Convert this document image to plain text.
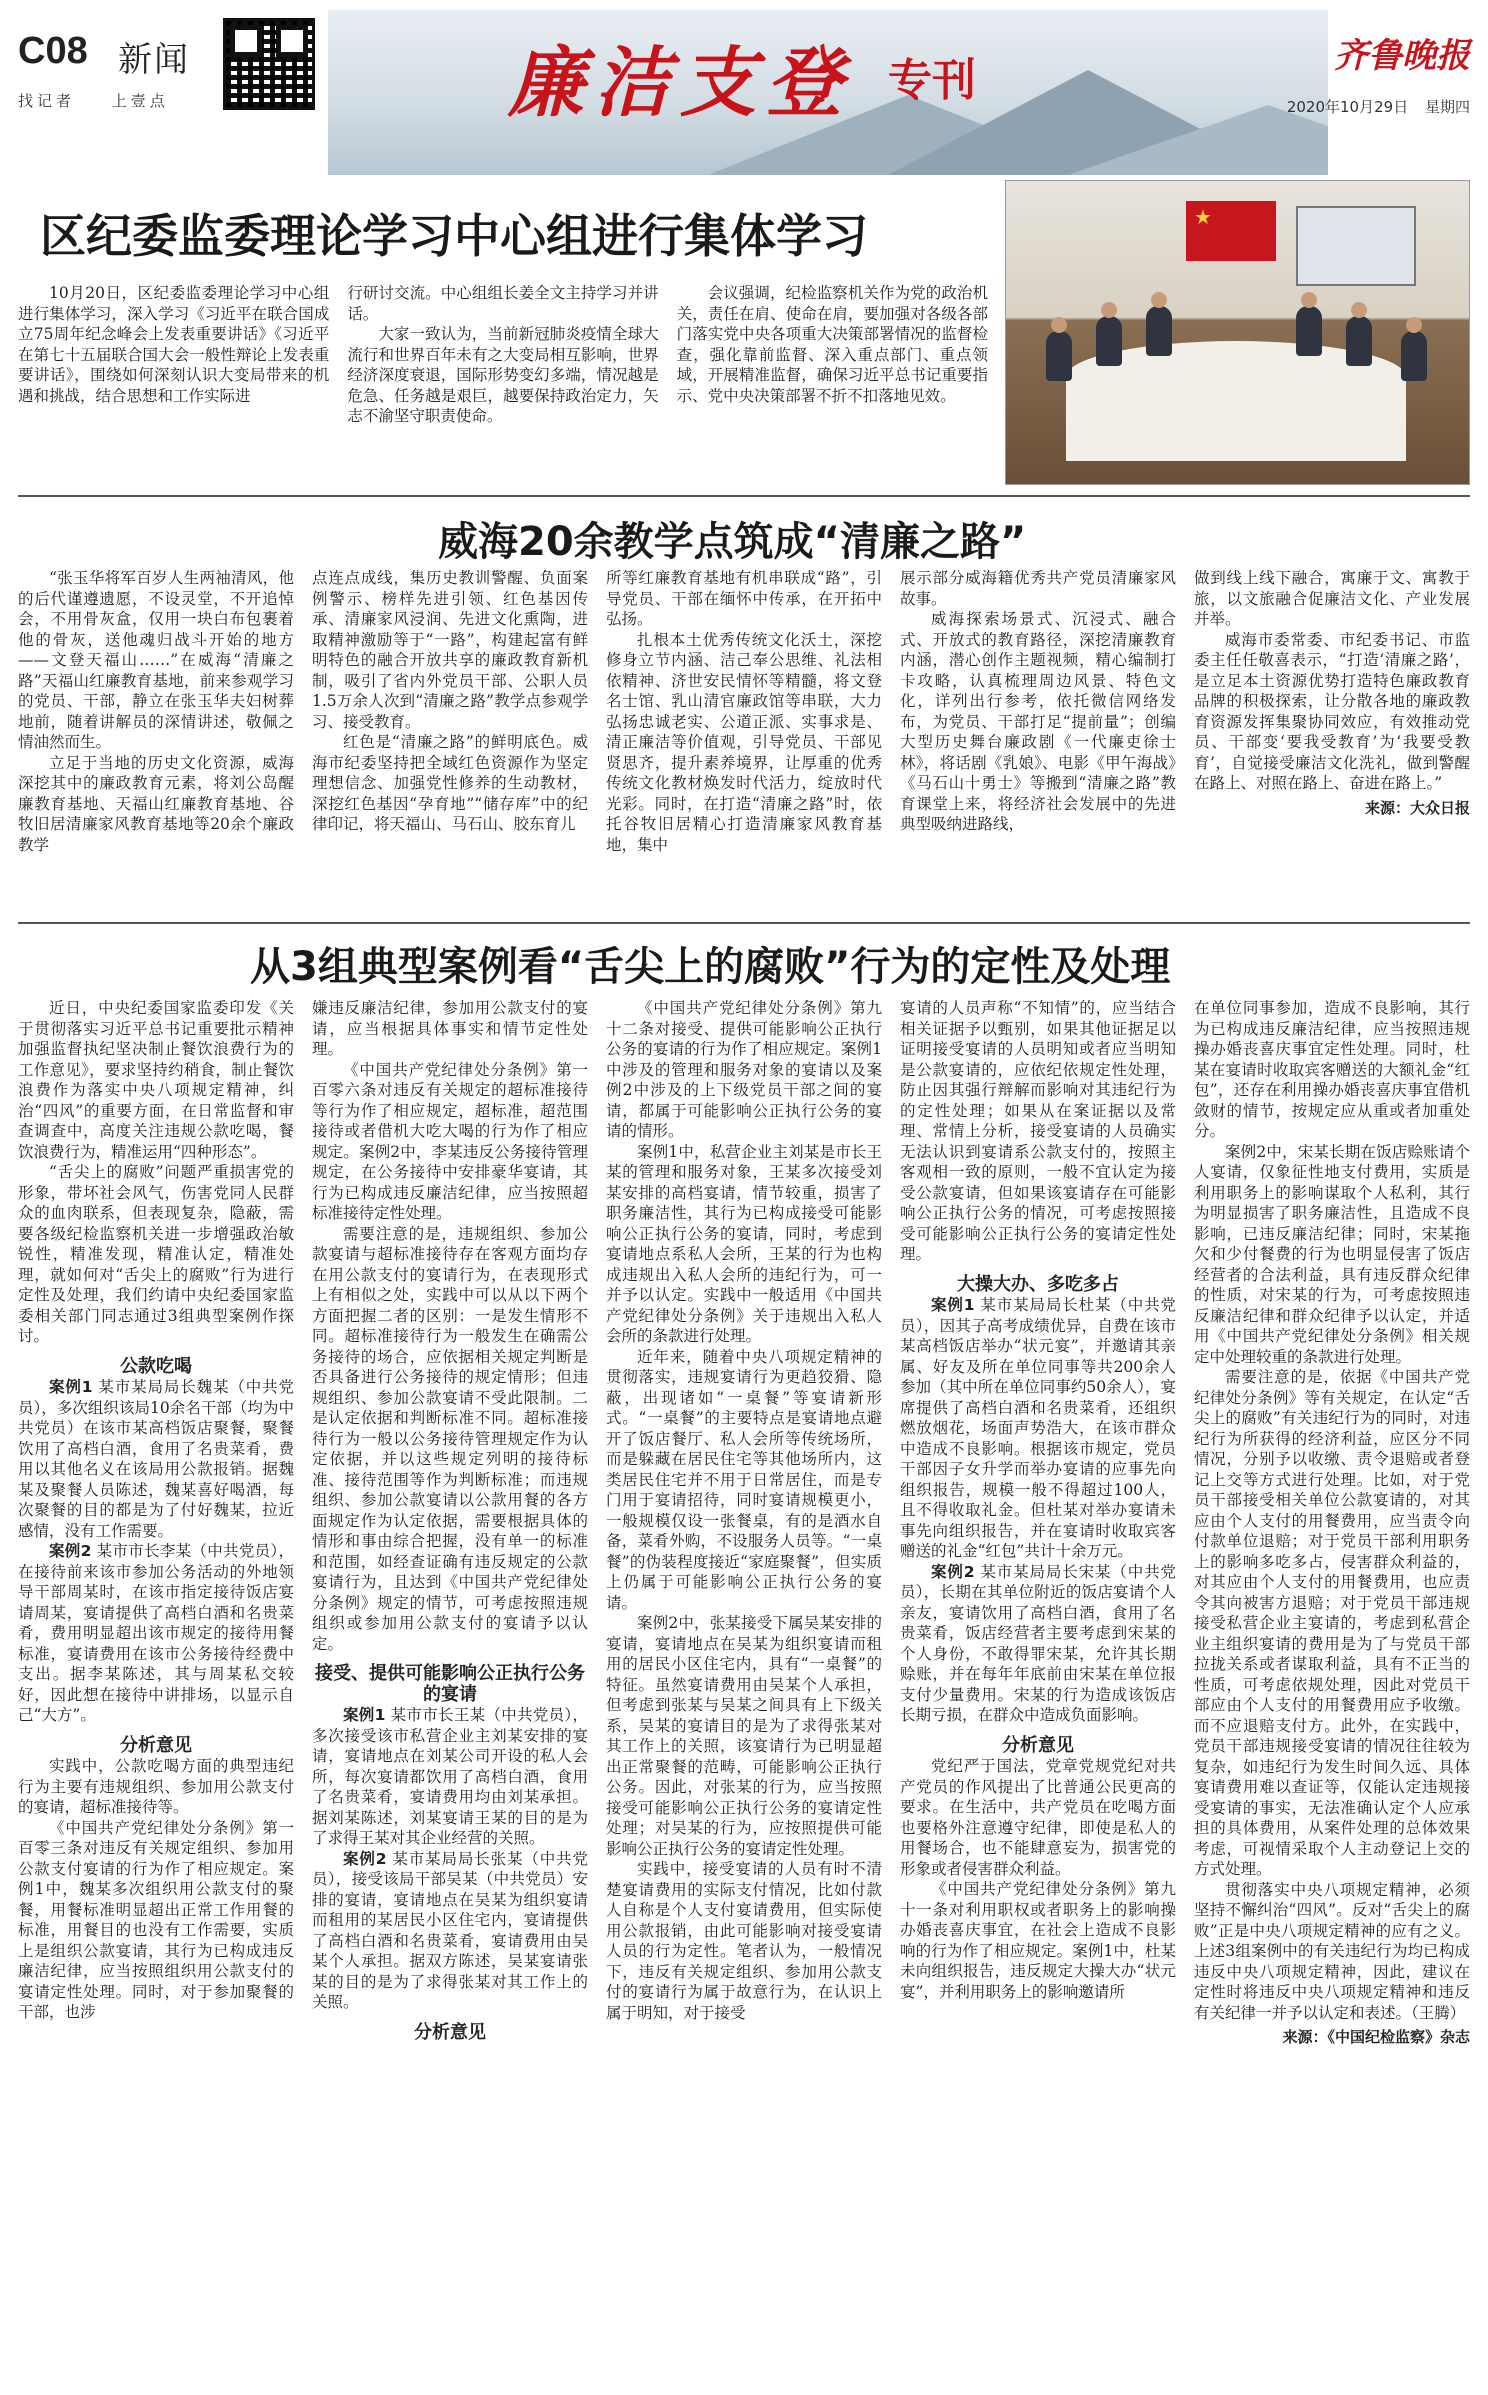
C08 新闻
找记者 上壹点	廉洁支登 专刊	齐鲁晚报
2020年10月29日 星期四
区纪委监委理论学习中心组进行集体学习

10月20日，区纪委监委理论学习中心组进行集体学习，深入学习《习近平在联合国成立75周年纪念峰会上发表重要讲话》《习近平在第七十五届联合国大会一般性辩论上发表重要讲话》，围绕如何深刻认识大变局带来的机遇和挑战，结合思想和工作实际进

行研讨交流。中心组组长姜全文主持学习并讲话。

大家一致认为，当前新冠肺炎疫情全球大流行和世界百年未有之大变局相互影响，世界经济深度衰退，国际形势变幻多端，情况越是危急、任务越是艰巨，越要保持政治定力，矢志不渝坚守职责使命。

会议强调，纪检监察机关作为党的政治机关，责任在肩、使命在肩，要加强对各级各部门落实党中央各项重大决策部署情况的监督检查，强化靠前监督、深入重点部门、重点领域，开展精准监督，确保习近平总书记重要指示、党中央决策部署不折不扣落地见效。

★
威海20余教学点筑成“清廉之路”

“张玉华将军百岁人生两袖清风，他的后代谨遵遗愿，不设灵堂，不开追悼会，不用骨灰盒，仅用一块白布包裹着他的骨灰，送他魂归战斗开始的地方——文登天福山……”在威海“清廉之路”天福山红廉教育基地，前来参观学习的党员、干部，静立在张玉华夫妇树葬地前，随着讲解员的深情讲述，敬佩之情油然而生。

立足于当地的历史文化资源，威海深挖其中的廉政教育元素，将刘公岛醒廉教育基地、天福山红廉教育基地、谷牧旧居清廉家风教育基地等20余个廉政教学

点连点成线，集历史教训警醒、负面案例警示、榜样先进引领、红色基因传承、清廉家风浸润、先进文化熏陶，进取精神激励等于“一路”，构建起富有鲜明特色的融合开放共享的廉政教育新机制，吸引了省内外党员干部、公职人员1.5万余人次到“清廉之路”教学点参观学习、接受教育。

红色是“清廉之路”的鲜明底色。威海市纪委坚持把全域红色资源作为坚定理想信念、加强党性修养的生动教材，深挖红色基因“孕育地”“储存库”中的纪律印记，将天福山、马石山、胶东育儿

所等红廉教育基地有机串联成“路”，引导党员、干部在缅怀中传承，在开拓中弘扬。

扎根本土优秀传统文化沃土，深挖修身立节内涵、洁己奉公思维、礼法相依精神、济世安民情怀等精髓，将文登名士馆、乳山清官廉政馆等串联，大力弘扬忠诚老实、公道正派、实事求是、清正廉洁等价值观，引导党员、干部见贤思齐，提升素养境界，让厚重的优秀传统文化教材焕发时代活力，绽放时代光彩。同时，在打造“清廉之路”时，依托谷牧旧居精心打造清廉家风教育基地，集中

展示部分威海籍优秀共产党员清廉家风故事。

威海探索场景式、沉浸式、融合式、开放式的教育路径，深挖清廉教育内涵，潜心创作主题视频，精心编制打卡攻略，认真梳理周边风景、特色文化，详列出行参考，依托微信网络发布，为党员、干部打足“提前量”；创编大型历史舞台廉政剧《一代廉吏徐士林》，将话剧《乳娘》、电影《甲午海战》《马石山十勇士》等搬到“清廉之路”教育课堂上来，将经济社会发展中的先进典型吸纳进路线，

做到线上线下融合，寓廉于文、寓教于旅，以文旅融合促廉洁文化、产业发展并举。

威海市委常委、市纪委书记、市监委主任任敬喜表示，“打造‘清廉之路’，是立足本土资源优势打造特色廉政教育品牌的积极探索，让分散各地的廉政教育资源发挥集聚协同效应，有效推动党员、干部变‘要我受教育’为‘我要受教育’，自觉接受廉洁文化洗礼，做到警醒在路上、对照在路上、奋进在路上。”

来源：大众日报
从3组典型案例看“舌尖上的腐败”行为的定性及处理

近日，中央纪委国家监委印发《关于贯彻落实习近平总书记重要批示精神 加强监督执纪坚决制止餐饮浪费行为的工作意见》，要求坚持约稍食，制止餐饮浪费作为落实中央八项规定精神，纠治“四风”的重要方面，在日常监督和审查调查中，高度关注违规公款吃喝，餐饮浪费行为，精准运用“四种形态”。

“舌尖上的腐败”问题严重损害党的形象，带坏社会风气，伤害党同人民群众的血肉联系，但表现复杂，隐蔽，需要各级纪检监察机关进一步增强政治敏锐性，精准发现，精准认定，精准处理，就如何对“舌尖上的腐败”行为进行定性及处理，我们约请中央纪委国家监委相关部门同志通过3组典型案例作探讨。

公款吃喝

案例1 某市某局局长魏某（中共党员），多次组织该局10余名干部（均为中共党员）在该市某高档饭店聚餐，聚餐饮用了高档白酒，食用了名贵菜肴，费用以其他名义在该局用公款报销。据魏某及聚餐人员陈述，魏某喜好喝酒，每次聚餐的目的都是为了付好魏某，拉近感情，没有工作需要。

案例2 某市市长李某（中共党员），在接待前来该市参加公务活动的外地领导干部周某时，在该市指定接待饭店宴请周某，宴请提供了高档白酒和名贵菜肴，费用明显超出该市规定的接待用餐标准，宴请费用在该市公务接待经费中支出。据李某陈述，其与周某私交较好，因此想在接待中讲排场，以显示自己“大方”。

分析意见

实践中，公款吃喝方面的典型违纪行为主要有违规组织、参加用公款支付的宴请，超标准接待等。

《中国共产党纪律处分条例》第一百零三条对违反有关规定组织、参加用公款支付宴请的行为作了相应规定。案例1中，魏某多次组织用公款支付的聚餐，用餐标准明显超出正常工作用餐的标准，用餐目的也没有工作需要，实质上是组织公款宴请，其行为已构成违反廉洁纪律，应当按照组织用公款支付的宴请定性处理。同时，对于参加聚餐的干部，也涉

嫌违反廉洁纪律，参加用公款支付的宴请，应当根据具体事实和情节定性处理。

《中国共产党纪律处分条例》第一百零六条对违反有关规定的超标准接待等行为作了相应规定，超标准，超范围接待或者借机大吃大喝的行为作了相应规定。案例2中，李某违反公务接待管理规定，在公务接待中安排豪华宴请，其行为已构成违反廉洁纪律，应当按照超标准接待定性处理。

需要注意的是，违规组织、参加公款宴请与超标准接待存在客观方面均存在用公款支付的宴请行为，在表现形式上有相似之处，实践中可以从以下两个方面把握二者的区别：一是发生情形不同。超标准接待行为一般发生在确需公务接待的场合，应依据相关规定判断是否具备进行公务接待的规定情形；但违规组织、参加公款宴请不受此限制。二是认定依据和判断标准不同。超标准接待行为一般以公务接待管理规定作为认定依据，并以这些规定列明的接待标准、接待范围等作为判断标准；而违规组织、参加公款宴请以公款用餐的各方面规定作为认定依据，需要根据具体的情形和事由综合把握，没有单一的标准和范围，如经查证确有违反规定的公款宴请行为，且达到《中国共产党纪律处分条例》规定的情节，可考虑按照违规组织或参加用公款支付的宴请予以认定。

接受、提供可能影响公正执行公务的宴请

案例1 某市市长王某（中共党员），多次接受该市私营企业主刘某安排的宴请，宴请地点在刘某公司开设的私人会所，每次宴请都饮用了高档白酒，食用了名贵菜肴，宴请费用均由刘某承担。据刘某陈述，刘某宴请王某的目的是为了求得王某对其企业经营的关照。

案例2 某市某局局长张某（中共党员），接受该局干部吴某（中共党员）安排的宴请，宴请地点在吴某为组织宴请而租用的某居民小区住宅内，宴请提供了高档白酒和名贵菜肴，宴请费用由吴某个人承担。据双方陈述，吴某宴请张某的目的是为了求得张某对其工作上的关照。

分析意见

《中国共产党纪律处分条例》第九十二条对接受、提供可能影响公正执行公务的宴请的行为作了相应规定。案例1中涉及的管理和服务对象的宴请以及案例2中涉及的上下级党员干部之间的宴请，都属于可能影响公正执行公务的宴请的情形。

案例1中，私营企业主刘某是市长王某的管理和服务对象，王某多次接受刘某安排的高档宴请，情节较重，损害了职务廉洁性，其行为已构成接受可能影响公正执行公务的宴请，同时，考虑到宴请地点系私人会所，王某的行为也构成违规出入私人会所的违纪行为，可一并予以认定。实践中一般适用《中国共产党纪律处分条例》关于违规出入私人会所的条款进行处理。

近年来，随着中央八项规定精神的贯彻落实，违规宴请行为更趋狡猾、隐蔽，出现诸如“一桌餐”等宴请新形式。“一桌餐”的主要特点是宴请地点避开了饭店餐厅、私人会所等传统场所，而是躲藏在居民住宅等其他场所内，这类居民住宅并不用于日常居住，而是专门用于宴请招待，同时宴请规模更小，一般规模仅设一张餐桌，有的是酒水自备，菜肴外购，不设服务人员等。“一桌餐”的伪装程度接近“家庭聚餐”，但实质上仍属于可能影响公正执行公务的宴请。

案例2中，张某接受下属吴某安排的宴请，宴请地点在吴某为组织宴请而租用的居民小区住宅内，具有“一桌餐”的特征。虽然宴请费用由吴某个人承担，但考虑到张某与吴某之间具有上下级关系，吴某的宴请目的是为了求得张某对其工作上的关照，该宴请行为已明显超出正常聚餐的范畴，可能影响公正执行公务。因此，对张某的行为，应当按照接受可能影响公正执行公务的宴请定性处理；对吴某的行为，应按照提供可能影响公正执行公务的宴请定性处理。

实践中，接受宴请的人员有时不清楚宴请费用的实际支付情况，比如付款人自称是个人支付宴请费用，但实际使用公款报销，由此可能影响对接受宴请人员的行为定性。笔者认为，一般情况下，违反有关规定组织、参加用公款支付的宴请行为属于故意行为，在认识上属于明知，对于接受

宴请的人员声称“不知情”的，应当结合相关证据予以甄别，如果其他证据足以证明接受宴请的人员明知或者应当明知是公款宴请的，应依纪依规定性处理，防止因其强行辩解而影响对其违纪行为的定性处理；如果从在案证据以及常理、常情上分析，接受宴请的人员确实无法认识到宴请系公款支付的，按照主客观相一致的原则，一般不宜认定为接受公款宴请，但如果该宴请存在可能影响公正执行公务的情况，可考虑按照接受可能影响公正执行公务的宴请定性处理。

大操大办、多吃多占

案例1 某市某局局长杜某（中共党员），因其子高考成绩优异，自费在该市某高档饭店举办“状元宴”，并邀请其亲属、好友及所在单位同事等共200余人参加（其中所在单位同事约50余人），宴席提供了高档白酒和名贵菜肴，还组织燃放烟花，场面声势浩大，在该市群众中造成不良影响。根据该市规定，党员干部因子女升学而举办宴请的应事先向组织报告，规模一般不得超过100人，且不得收取礼金。但杜某对举办宴请未事先向组织报告，并在宴请时收取宾客赠送的礼金“红包”共计十余万元。

案例2 某市某局局长宋某（中共党员），长期在其单位附近的饭店宴请个人亲友，宴请饮用了高档白酒，食用了名贵菜肴，饭店经营者主要考虑到宋某的个人身份，不敢得罪宋某，允许其长期赊账，并在每年年底前由宋某在单位报支付少量费用。宋某的行为造成该饭店长期亏损，在群众中造成负面影响。

分析意见

党纪严于国法，党章党规党纪对共产党员的作风提出了比普通公民更高的要求。在生活中，共产党员在吃喝方面也要格外注意遵守纪律，即使是私人的用餐场合，也不能肆意妄为，损害党的形象或者侵害群众利益。

《中国共产党纪律处分条例》第九十一条对利用职权或者职务上的影响操办婚丧喜庆事宜，在社会上造成不良影响的行为作了相应规定。案例1中，杜某未向组织报告，违反规定大操大办“状元宴”，并利用职务上的影响邀请所

在单位同事参加，造成不良影响，其行为已构成违反廉洁纪律，应当按照违规操办婚丧喜庆事宜定性处理。同时，杜某在宴请时收取宾客赠送的大额礼金“红包”，还存在利用操办婚丧喜庆事宜借机敛财的情节，按规定应从重或者加重处分。

案例2中，宋某长期在饭店赊账请个人宴请，仅象征性地支付费用，实质是利用职务上的影响谋取个人私利，其行为明显损害了职务廉洁性，且造成不良影响，已违反廉洁纪律；同时，宋某拖欠和少付餐费的行为也明显侵害了饭店经营者的合法利益，具有违反群众纪律的性质，对宋某的行为，可考虑按照违反廉洁纪律和群众纪律予以认定，并适用《中国共产党纪律处分条例》相关规定中处理较重的条款进行处理。

需要注意的是，依据《中国共产党纪律处分条例》等有关规定，在认定“舌尖上的腐败”有关违纪行为的同时，对违纪行为所获得的经济利益，应区分不同情况，分别予以收缴、责令退赔或者登记上交等方式进行处理。比如，对于党员干部接受相关单位公款宴请的，对其应由个人支付的用餐费用，应当责令向付款单位退赔；对于党员干部利用职务上的影响多吃多占，侵害群众利益的，对其应由个人支付的用餐费用，也应责令其向被害方退赔；对于党员干部违规接受私营企业主宴请的，考虑到私营企业主组织宴请的费用是为了与党员干部拉拢关系或者谋取利益，具有不正当的性质，可考虑依规处理，因此对党员干部应由个人支付的用餐费用应予收缴。而不应退赔支付方。此外，在实践中，党员干部违规接受宴请的情况往往较为复杂，如违纪行为发生时间久远、具体宴请费用难以查证等，仅能认定违规接受宴请的事实，无法准确认定个人应承担的具体费用，从案件处理的总体效果考虑，可视情采取个人主动登记上交的方式处理。

贯彻落实中央八项规定精神，必须坚持不懈纠治“四风”。反对“舌尖上的腐败”正是中央八项规定精神的应有之义。上述3组案例中的有关违纪行为均已构成违反中央八项规定精神，因此，建议在定性时将违反中央八项规定精神和违反有关纪律一并予以认定和表述。（王腾）

来源：《中国纪检监察》杂志
